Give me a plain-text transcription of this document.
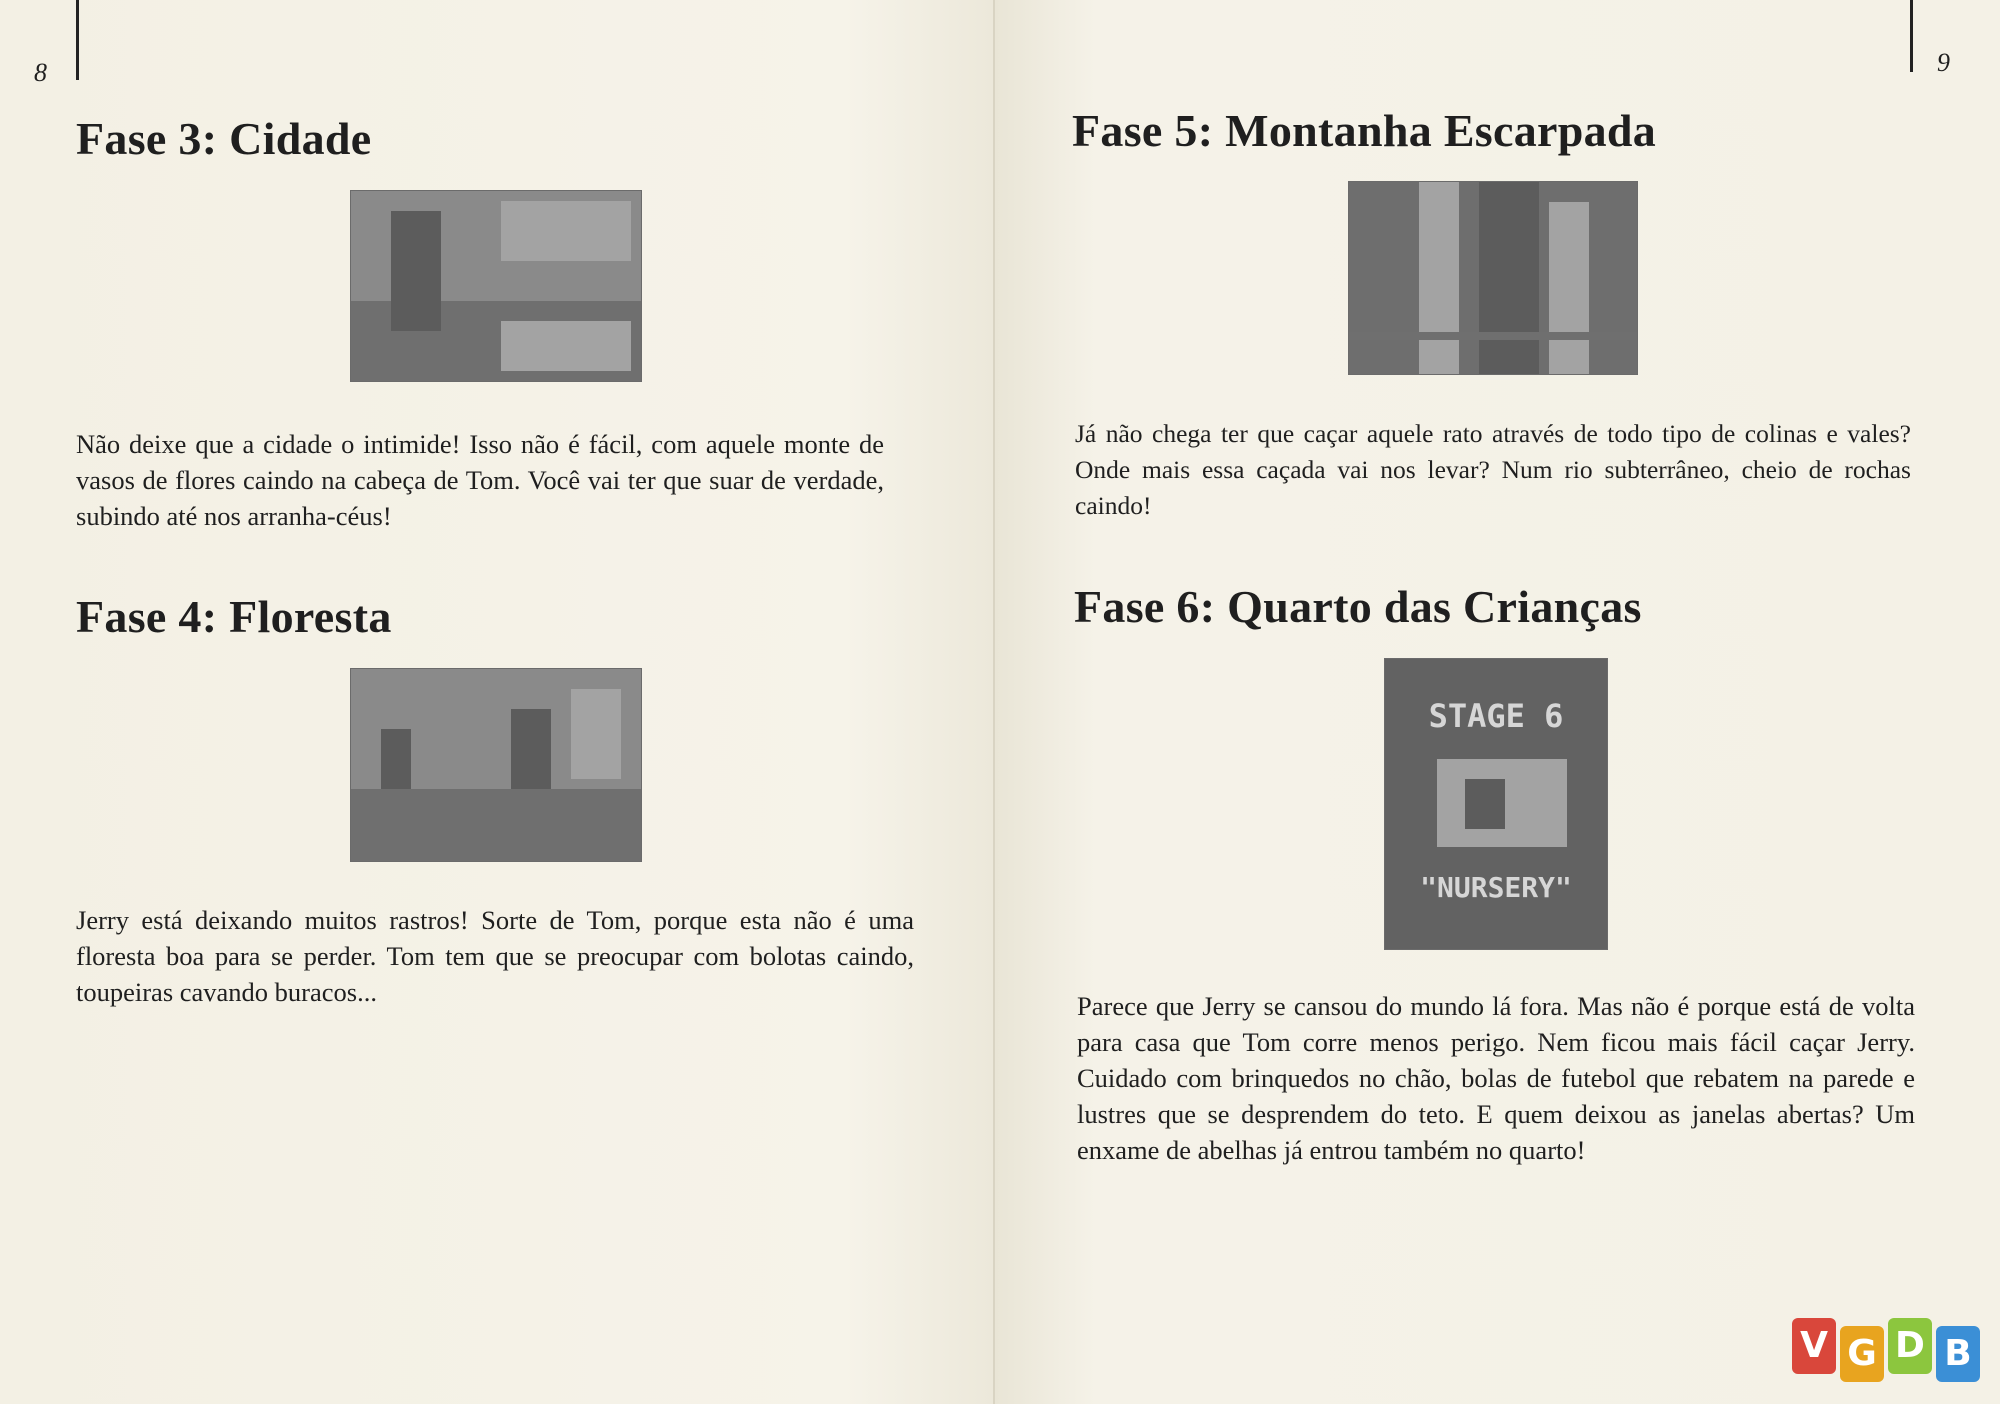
8
Fase 3: Cidade

Não deixe que a cidade o intimide! Isso não é fácil, com aquele monte de vasos de flores caindo na cabeça de Tom. Você vai ter que suar de verdade, subindo até nos arranha-céus!

Fase 4: Floresta

Jerry está deixando muitos rastros! Sorte de Tom, porque esta não é uma floresta boa para se perder. Tom tem que se preocupar com bolotas caindo, toupeiras cavando buracos...

9
Fase 5: Montanha Escarpada

Já não chega ter que caçar aquele rato através de todo tipo de colinas e vales? Onde mais essa caçada vai nos levar? Num rio subterrâneo, cheio de rochas caindo!

Fase 6: Quarto das Crianças
STAGE 6
"NURSERY"

Parece que Jerry se cansou do mundo lá fora. Mas não é porque está de volta para casa que Tom corre menos perigo. Nem ficou mais fácil caçar Jerry. Cuidado com brinquedos no chão, bolas de futebol que rebatem na parede e lustres que se desprendem do teto. E quem deixou as janelas abertas? Um enxame de abelhas já entrou também no quarto!

V G D B
